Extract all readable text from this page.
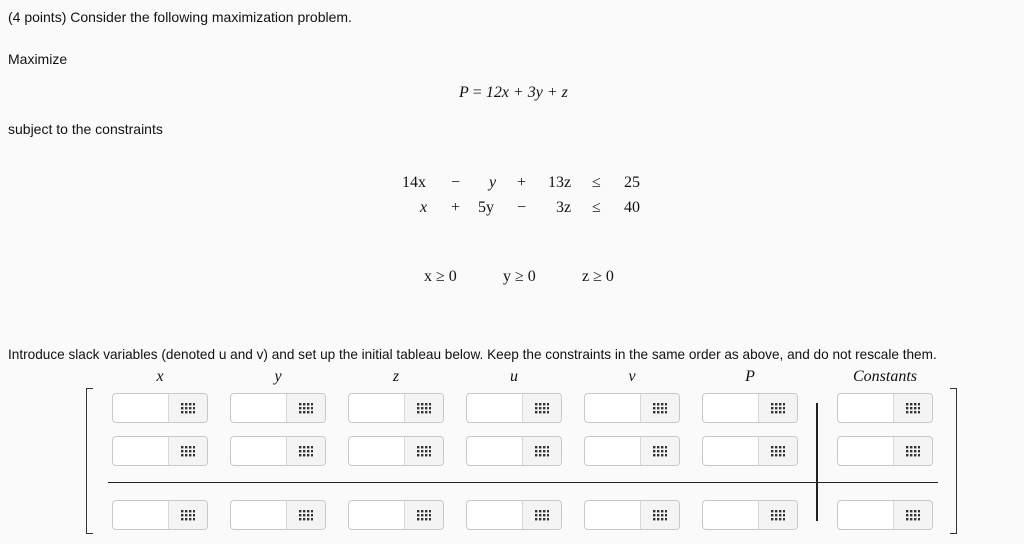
(4 points) Consider the following maximization problem.
Maximize
P = 12x + 3y + z
subject to the constraints
14x − y + 13z ≤ 25
x + 5y − 3z ≤ 40
x ≥ 0	y ≥ 0	z ≥ 0
Introduce slack variables (denoted u and v) and set up the initial tableau below. Keep the constraints in the same order as above, and do not rescale them.
x	y	z	u	v	P	Constants
